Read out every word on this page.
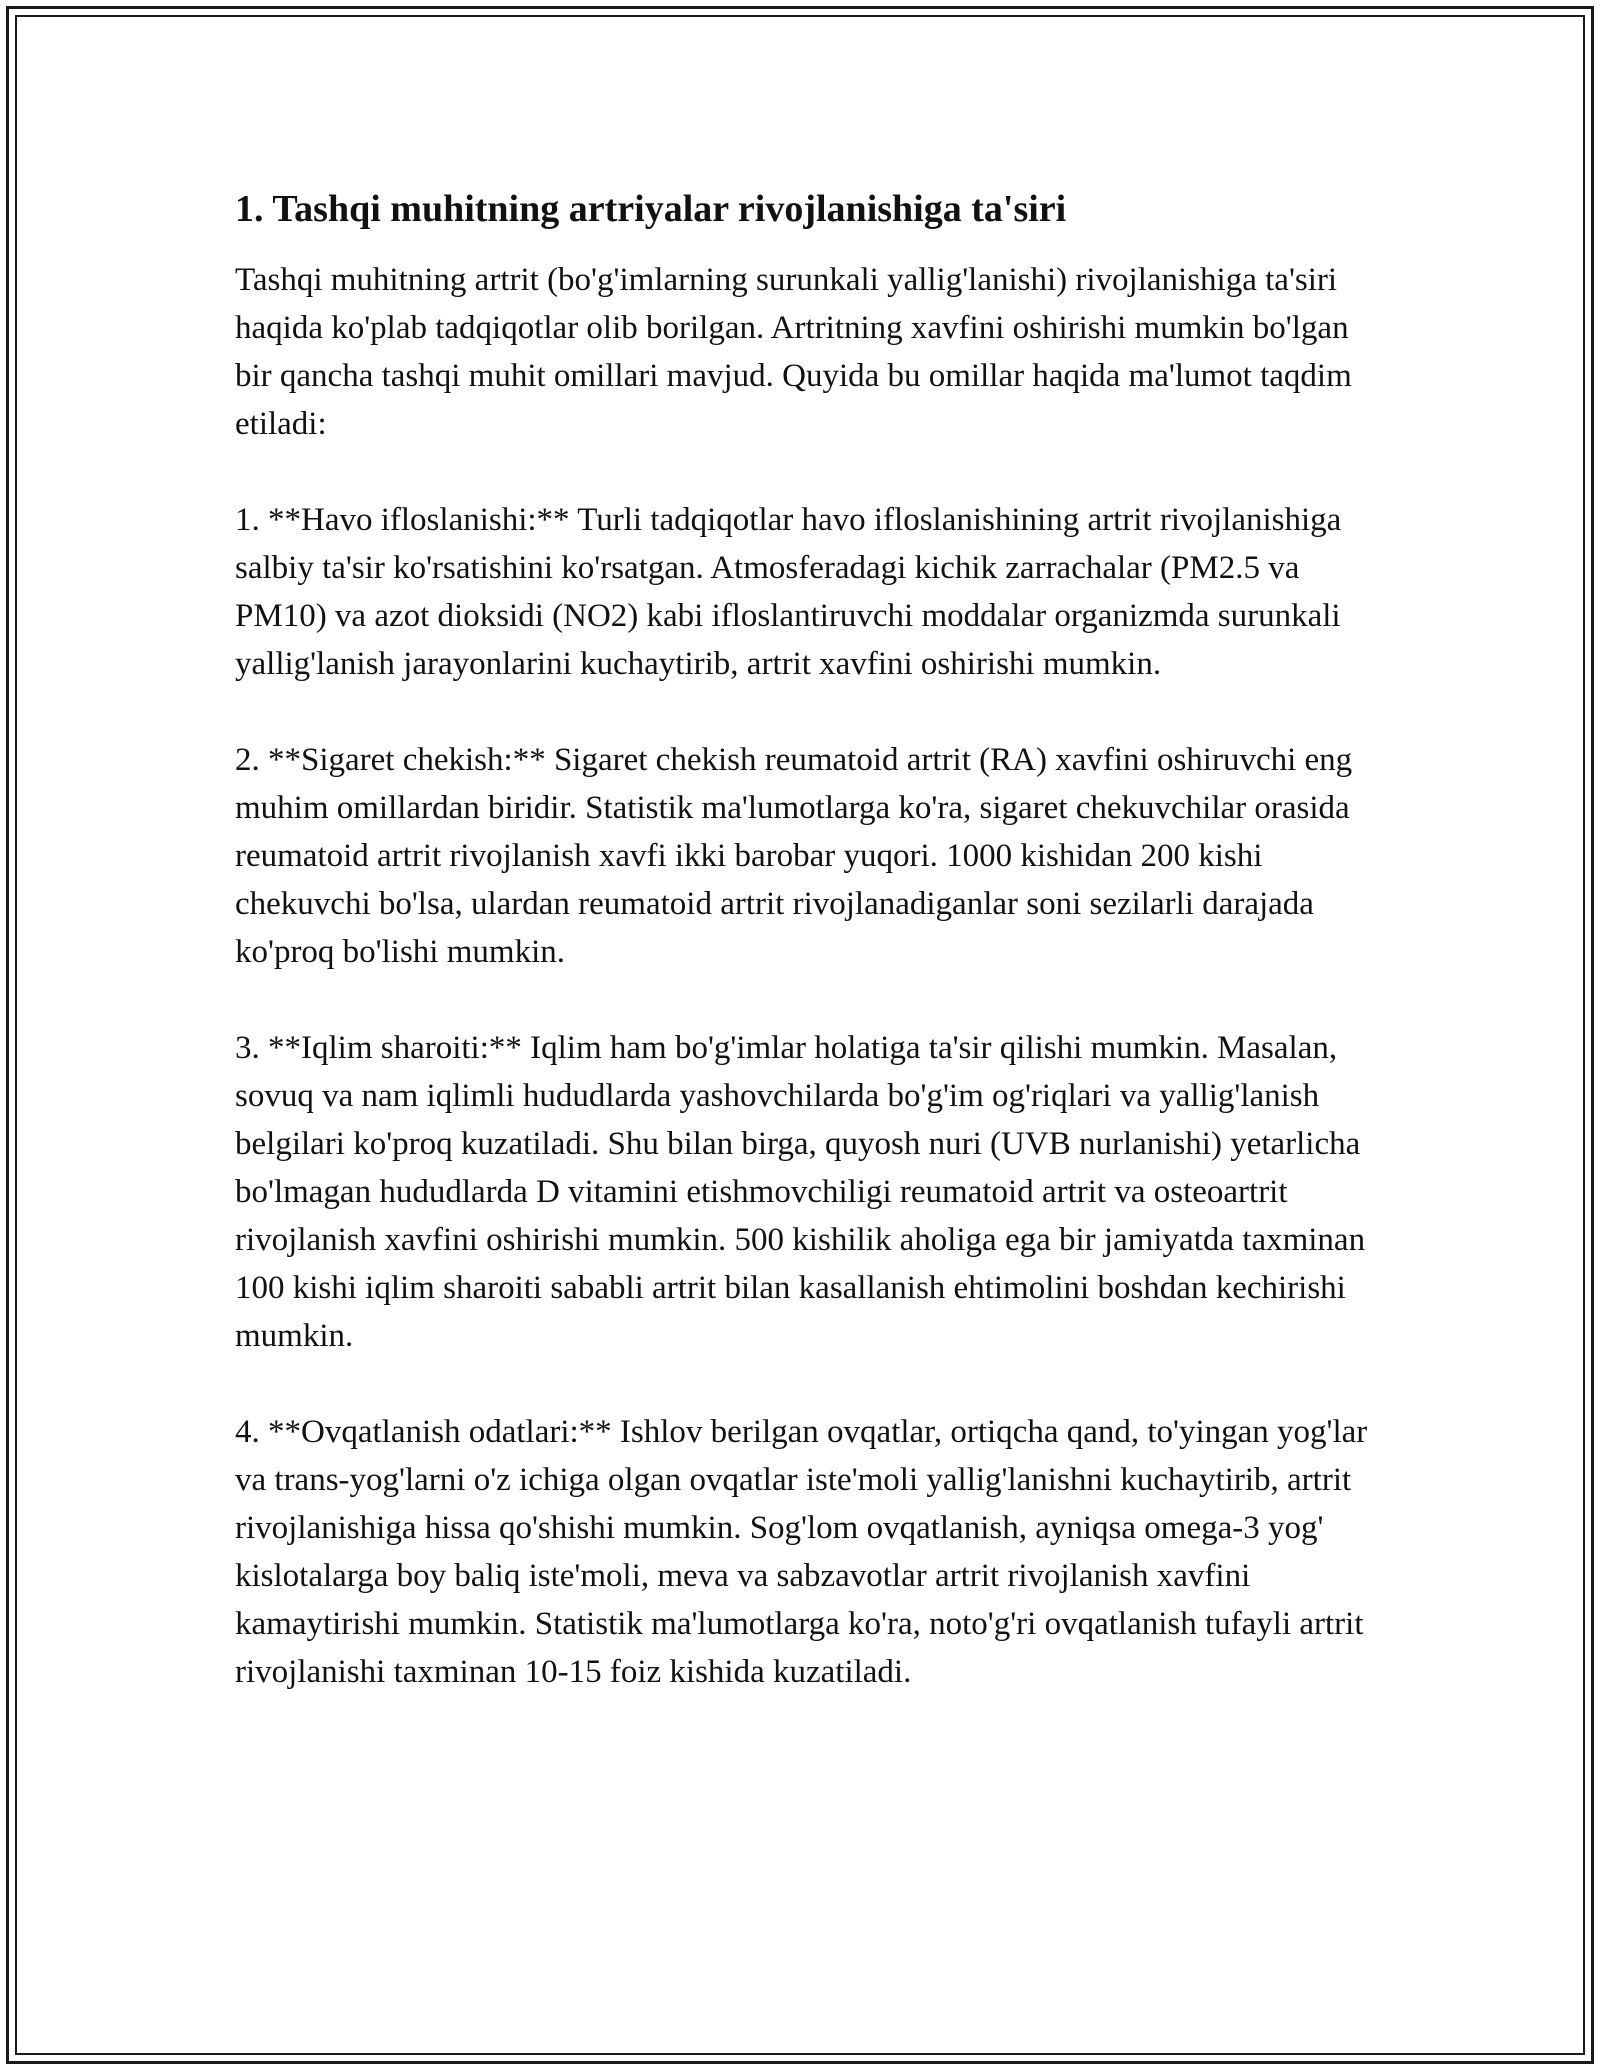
1. Tashqi muhitning artriyalar rivojlanishiga ta'siri

Tashqi muhitning artrit (bo'g'imlarning surunkali yallig'lanishi) rivojlanishiga ta'siri haqida ko'plab tadqiqotlar olib borilgan. Artritning xavfini oshirishi mumkin bo'lgan bir qancha tashqi muhit omillari mavjud. Quyida bu omillar haqida ma'lumot taqdim etiladi:

1. **Havo ifloslanishi:** Turli tadqiqotlar havo ifloslanishining artrit rivojlanishiga salbiy ta'sir ko'rsatishini ko'rsatgan. Atmosferadagi kichik zarrachalar (PM2.5 va PM10) va azot dioksidi (NO2) kabi ifloslantiruvchi moddalar organizmda surunkali yallig'lanish jarayonlarini kuchaytirib, artrit xavfini oshirishi mumkin.

2. **Sigaret chekish:** Sigaret chekish reumatoid artrit (RA) xavfini oshiruvchi eng muhim omillardan biridir. Statistik ma'lumotlarga ko'ra, sigaret chekuvchilar orasida reumatoid artrit rivojlanish xavfi ikki barobar yuqori. 1000 kishidan 200 kishi chekuvchi bo'lsa, ulardan reumatoid artrit rivojlanadiganlar soni sezilarli darajada ko'proq bo'lishi mumkin.

3. **Iqlim sharoiti:** Iqlim ham bo'g'imlar holatiga ta'sir qilishi mumkin. Masalan, sovuq va nam iqlimli hududlarda yashovchilarda bo'g'im og'riqlari va yallig'lanish belgilari ko'proq kuzatiladi. Shu bilan birga, quyosh nuri (UVB nurlanishi) yetarlicha bo'lmagan hududlarda D vitamini etishmovchiligi reumatoid artrit va osteoartrit rivojlanish xavfini oshirishi mumkin. 500 kishilik aholiga ega bir jamiyatda taxminan 100 kishi iqlim sharoiti sababli artrit bilan kasallanish ehtimolini boshdan kechirishi mumkin.

4. **Ovqatlanish odatlari:** Ishlov berilgan ovqatlar, ortiqcha qand, to'yingan yog'lar va trans-yog'larni o'z ichiga olgan ovqatlar iste'moli yallig'lanishni kuchaytirib, artrit rivojlanishiga hissa qo'shishi mumkin. Sog'lom ovqatlanish, ayniqsa omega-3 yog' kislotalarga boy baliq iste'moli, meva va sabzavotlar artrit rivojlanish xavfini kamaytirishi mumkin. Statistik ma'lumotlarga ko'ra, noto'g'ri ovqatlanish tufayli artrit rivojlanishi taxminan 10-15 foiz kishida kuzatiladi.
